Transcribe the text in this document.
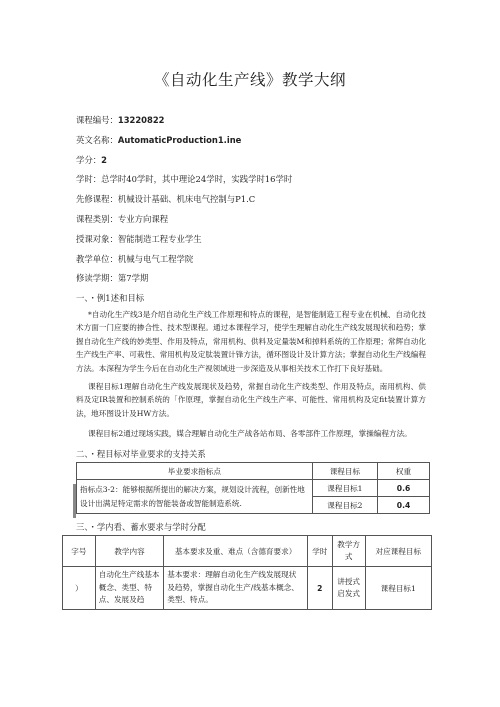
《自动化生产线》教学大纲
课程编号：13220822
英文名称：AutomaticProduction1.ine
学分：2
学时：总学时40学时，其中理论24学时，实践学时16学时
先修课程：机械设计基础、机床电气控制与P1.C
课程类别：专业方向课程
授课对象：智能制造工程专业学生
教学单位：机械与电气工程学院
修读学期：第7学期
一、・例1述和目标
*自动化生产线3是介绍自动化生产线工作原理和特点的课程，是智能制造工程专业在机械、自动化技术方面一门应要的掺合性、技术型课程。通过本课程学习，使学生理解自动化生产线发展现状和趋势；掌握自动化生产线的妙类型、作用及特点，常用机构、供料及定量装M和掉料系统的工作原理；常辉自动化生产线生产率、可栽性、常用机构及定肽装置计锋方法，循环图设计及计算方法；掌握自动化生产线编程方法。本深程为学生今后在自动化生产视领域进一步深造及从事相关技术工作打下良好基础。
课程目标1理解自动化生产线发展现状及趋势，常握自动化生产线类型、作用及特点，南用机构、供料及定IR装置和控制系统的「作原理，掌握自动化生产线生产率、可能性、常用机构及定fit装置计算方法，地环图设计及HW方法。
课程目标2通过现场实践，媒合理解自动化生产战各站布局、各零部件工作原理，掌操编程方法。
二、・程目标对毕业要求的支持关系
毕业要求指标点	课程目标	权重
指标点3-2：能够根据所提出的解决方案，规划设计流程，创新性地设计出满足特定需求的智能装备或智能制造系统.	课程目标1	0.6
	课程目标2	0.4
三、・学内看、蓄水要求与学时分配
字号	教学内容	基本要求及重、难点（含德育要求）	学时	教学方式	对应课程目标
）	自动化生产线基本概念、类型、特点、发展及趋	基本要求：理解自动化生产线发展现状及趋势，掌握自动化生产/线基本概念、类型、特点。	2	讲授式启发式	课程目标1
